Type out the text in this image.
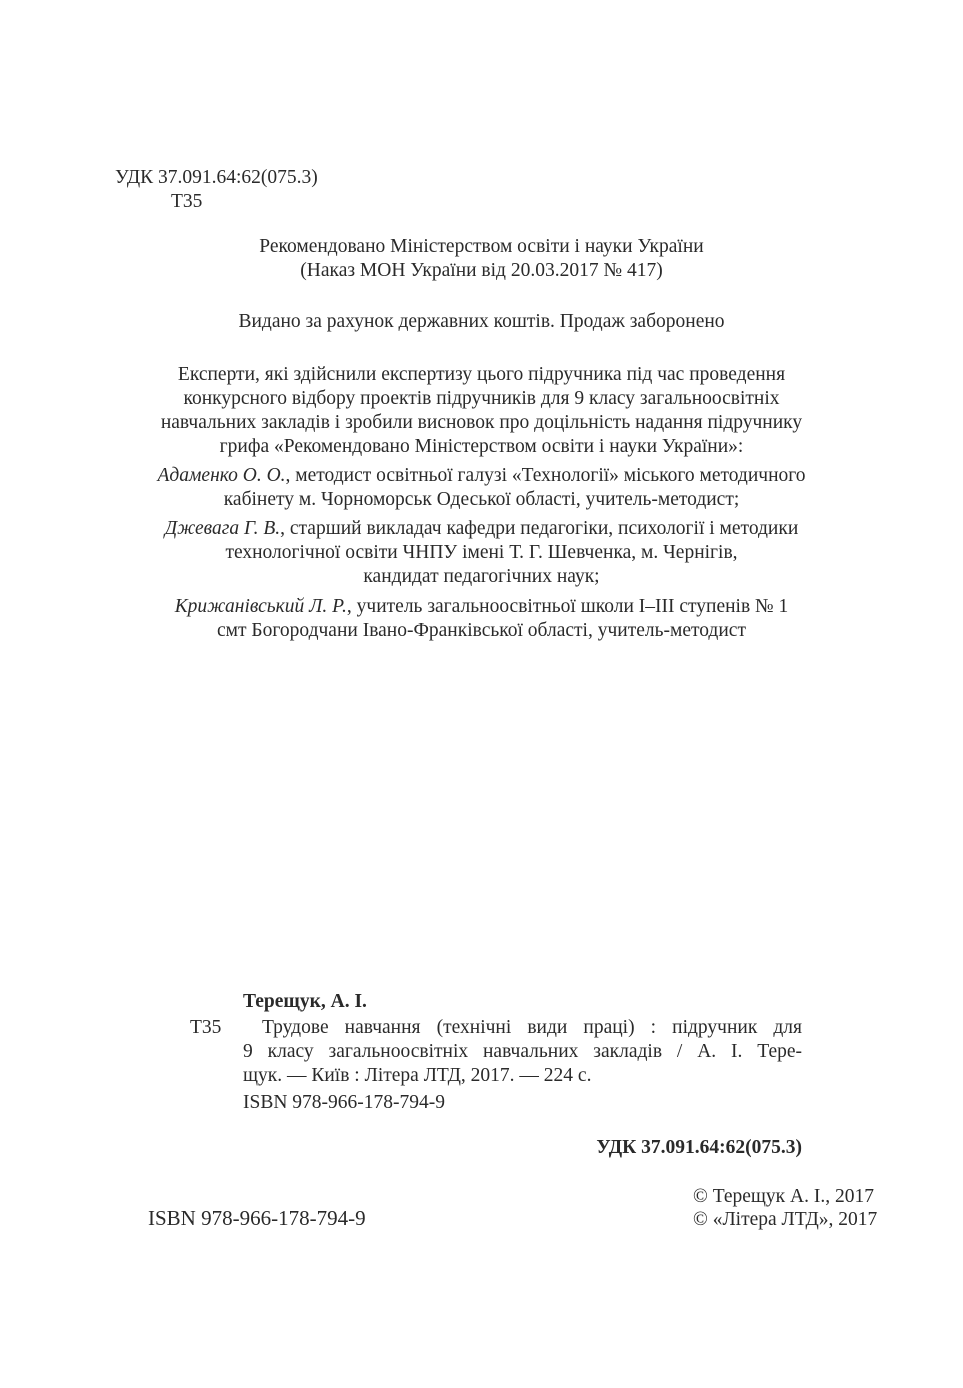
УДК 37.091.64:62(075.3)
Т35
Рекомендовано Міністерством освіти і науки України
(Наказ МОН України від 20.03.2017 № 417)
Видано за рахунок державних коштів. Продаж заборонено
Експерти, які здійснили експертизу цього підручника під час проведення
конкурсного відбору проектів підручників для 9 класу загальноосвітніх
навчальних закладів і зробили висновок про доцільність надання підручнику
грифа «Рекомендовано Міністерством освіти і науки України»:
Адаменко О. О., методист освітньої галузі «Технології» міського методичного
кабінету м. Чорноморськ Одеської області, учитель-методист;
Джевага Г. В., старший викладач кафедри педагогіки, психології і методики
технологічної освіти ЧНПУ імені Т. Г. Шевченка, м. Чернігів,
кандидат педагогічних наук;
Крижанівський Л. Р., учитель загальноосвітньої школи І–ІІІ ступенів № 1
смт Богородчани Івано-Франківської області, учитель-методист
Терещук, А. І.
Т35 Трудове навчання (технічні види праці) : підручник для
9 класу загальноосвітніх навчальних закладів / А. І. Тере-
щук. — Київ : Літера ЛТД, 2017. — 224 с.
ISBN 978-966-178-794-9
УДК 37.091.64:62(075.3)
ISBN 978-966-178-794-9
© Терещук А. І., 2017
© «Літера ЛТД», 2017
